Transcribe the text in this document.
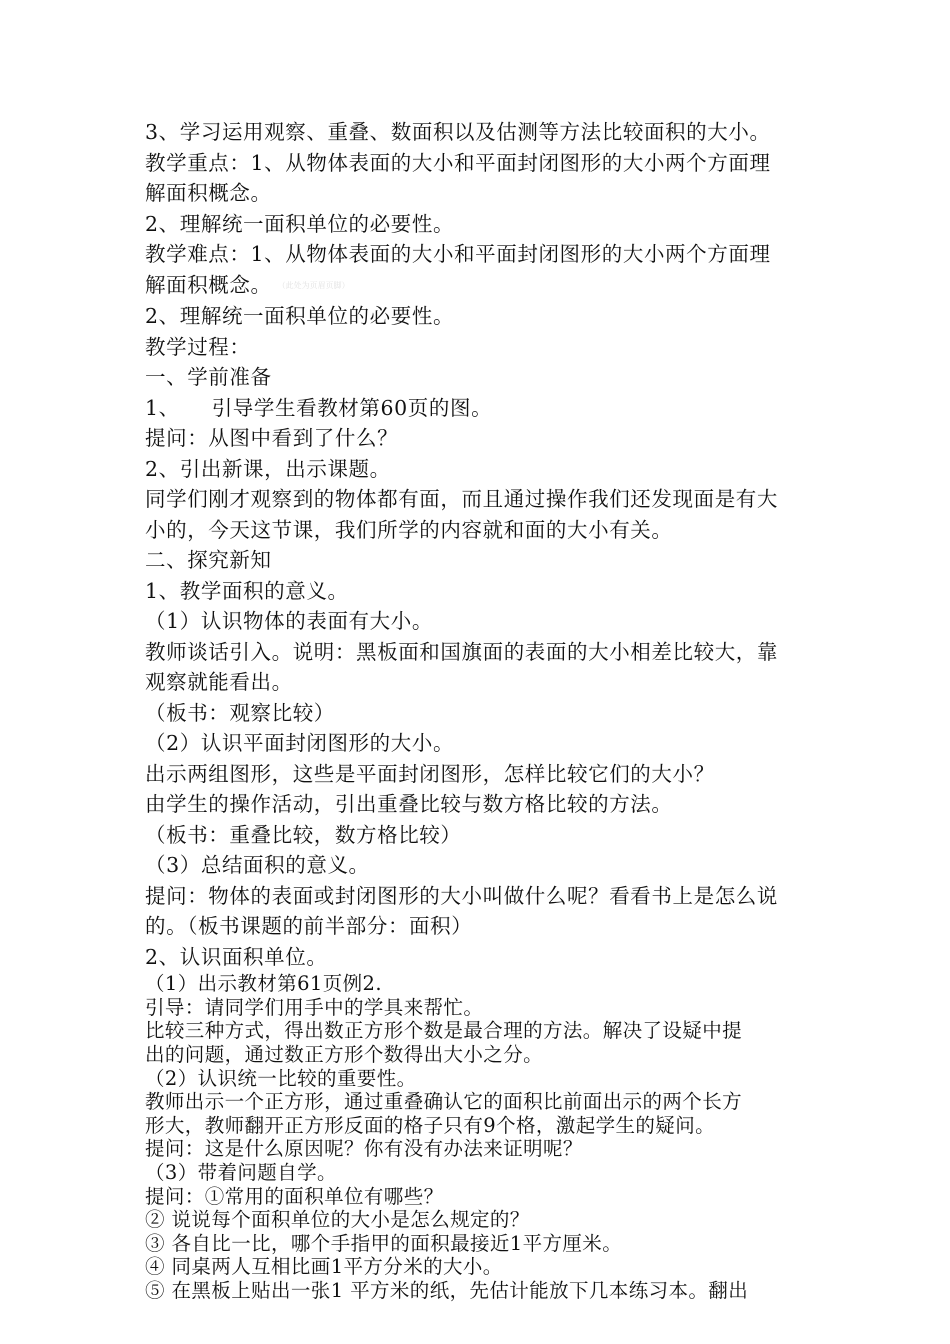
3、学习运用观察、重叠、数面积以及估测等方法比较面积的大小。

教学重点：1、从物体表面的大小和平面封闭图形的大小两个方面理

解面积概念。

2、理解统一面积单位的必要性。

教学难点：1、从物体表面的大小和平面封闭图形的大小两个方面理

解面积概念。 （此处为页眉页脚）

2、理解统一面积单位的必要性。

教学过程：

一、学前准备

1、　　引导学生看教材第60页的图。

提问：从图中看到了什么？

2、引出新课，出示课题。

同学们刚才观察到的物体都有面，而且通过操作我们还发现面是有大

小的，今天这节课，我们所学的内容就和面的大小有关。

二、探究新知

1、教学面积的意义。

（1）认识物体的表面有大小。

教师谈话引入。说明：黑板面和国旗面的表面的大小相差比较大，靠

观察就能看出。

（板书：观察比较）

（2）认识平面封闭图形的大小。

出示两组图形，这些是平面封闭图形，怎样比较它们的大小？

由学生的操作活动，引出重叠比较与数方格比较的方法。

（板书：重叠比较，数方格比较）

（3）总结面积的意义。

提问：物体的表面或封闭图形的大小叫做什么呢？看看书上是怎么说

的。（板书课题的前半部分：面积）

2、认识面积单位。

（1）出示教材第61页例2.

引导：请同学们用手中的学具来帮忙。

比较三种方式，得出数正方形个数是最合理的方法。解决了设疑中提

出的问题，通过数正方形个数得出大小之分。

（2）认识统一比较的重要性。

教师出示一个正方形，通过重叠确认它的面积比前面出示的两个长方

形大，教师翻开正方形反面的格子只有9个格，激起学生的疑问。

提问：这是什么原因呢？你有没有办法来证明呢？

（3）带着问题自学。

提问：①常用的面积单位有哪些？

② 说说每个面积单位的大小是怎么规定的？

③ 各自比一比，哪个手指甲的面积最接近1平方厘米。

④ 同桌两人互相比画1平方分米的大小。

⑤ 在黑板上贴出一张1 平方米的纸，先估计能放下几本练习本。翻出
